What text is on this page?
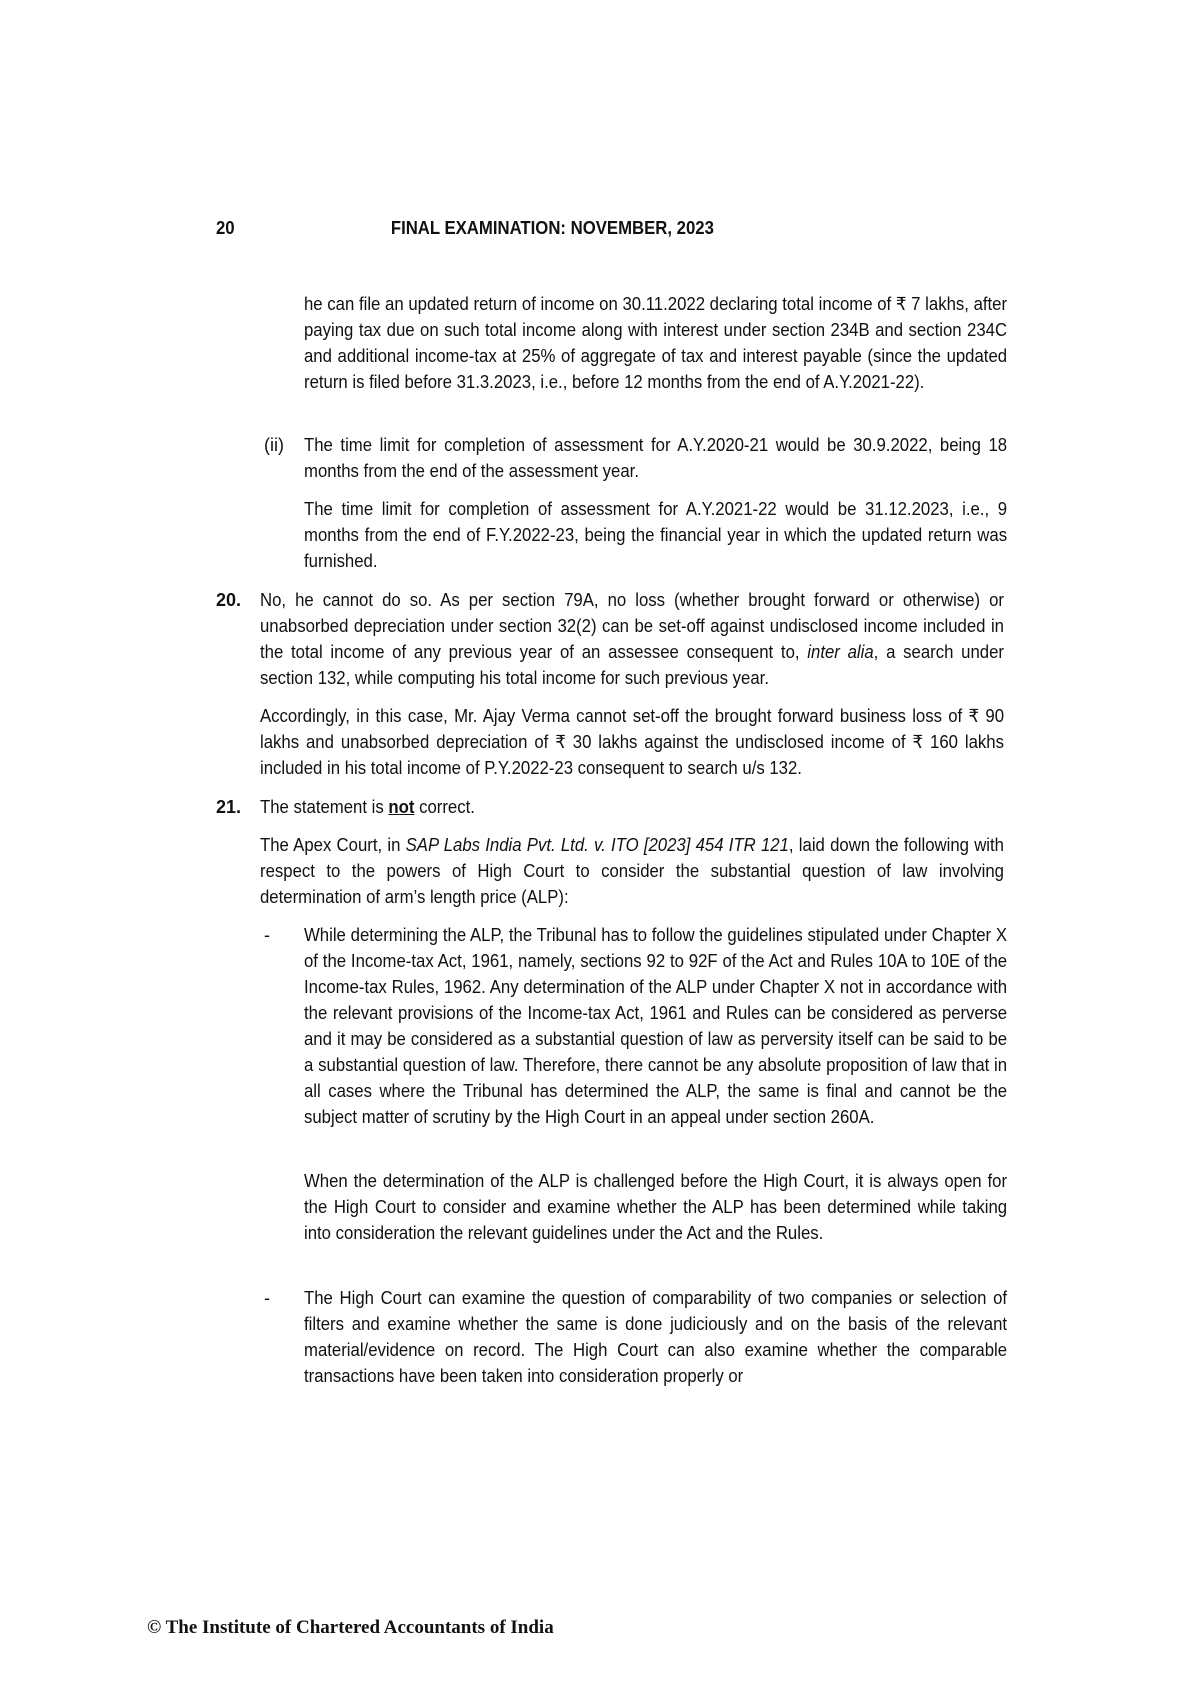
20	FINAL EXAMINATION: NOVEMBER, 2023

he can file an updated return of income on 30.11.2022 declaring total income of ₹ 7 lakhs, after paying tax due on such total income along with interest under section 234B and section 234C and additional income-tax at 25% of aggregate of tax and interest payable (since the updated return is filed before 31.3.2023, i.e., before 12 months from the end of A.Y.2021-22).

(ii) The time limit for completion of assessment for A.Y.2020-21 would be 30.9.2022, being 18 months from the end of the assessment year.

The time limit for completion of assessment for A.Y.2021-22 would be 31.12.2023, i.e., 9 months from the end of F.Y.2022-23, being the financial year in which the updated return was furnished.

20. No, he cannot do so. As per section 79A, no loss (whether brought forward or otherwise) or unabsorbed depreciation under section 32(2) can be set-off against undisclosed income included in the total income of any previous year of an assessee consequent to, inter alia, a search under section 132, while computing his total income for such previous year.

Accordingly, in this case, Mr. Ajay Verma cannot set-off the brought forward business loss of ₹ 90 lakhs and unabsorbed depreciation of ₹ 30 lakhs against the undisclosed income of ₹ 160 lakhs included in his total income of P.Y.2022-23 consequent to search u/s 132.

21. The statement is not correct.

The Apex Court, in SAP Labs India Pvt. Ltd. v. ITO [2023] 454 ITR 121, laid down the following with respect to the powers of High Court to consider the substantial question of law involving determination of arm’s length price (ALP):

- While determining the ALP, the Tribunal has to follow the guidelines stipulated under Chapter X of the Income-tax Act, 1961, namely, sections 92 to 92F of the Act and Rules 10A to 10E of the Income-tax Rules, 1962. Any determination of the ALP under Chapter X not in accordance with the relevant provisions of the Income-tax Act, 1961 and Rules can be considered as perverse and it may be considered as a substantial question of law as perversity itself can be said to be a substantial question of law. Therefore, there cannot be any absolute proposition of law that in all cases where the Tribunal has determined the ALP, the same is final and cannot be the subject matter of scrutiny by the High Court in an appeal under section 260A.

When the determination of the ALP is challenged before the High Court, it is always open for the High Court to consider and examine whether the ALP has been determined while taking into consideration the relevant guidelines under the Act and the Rules.

- The High Court can examine the question of comparability of two companies or selection of filters and examine whether the same is done judiciously and on the basis of the relevant material/evidence on record. The High Court can also examine whether the comparable transactions have been taken into consideration properly or

© The Institute of Chartered Accountants of India
